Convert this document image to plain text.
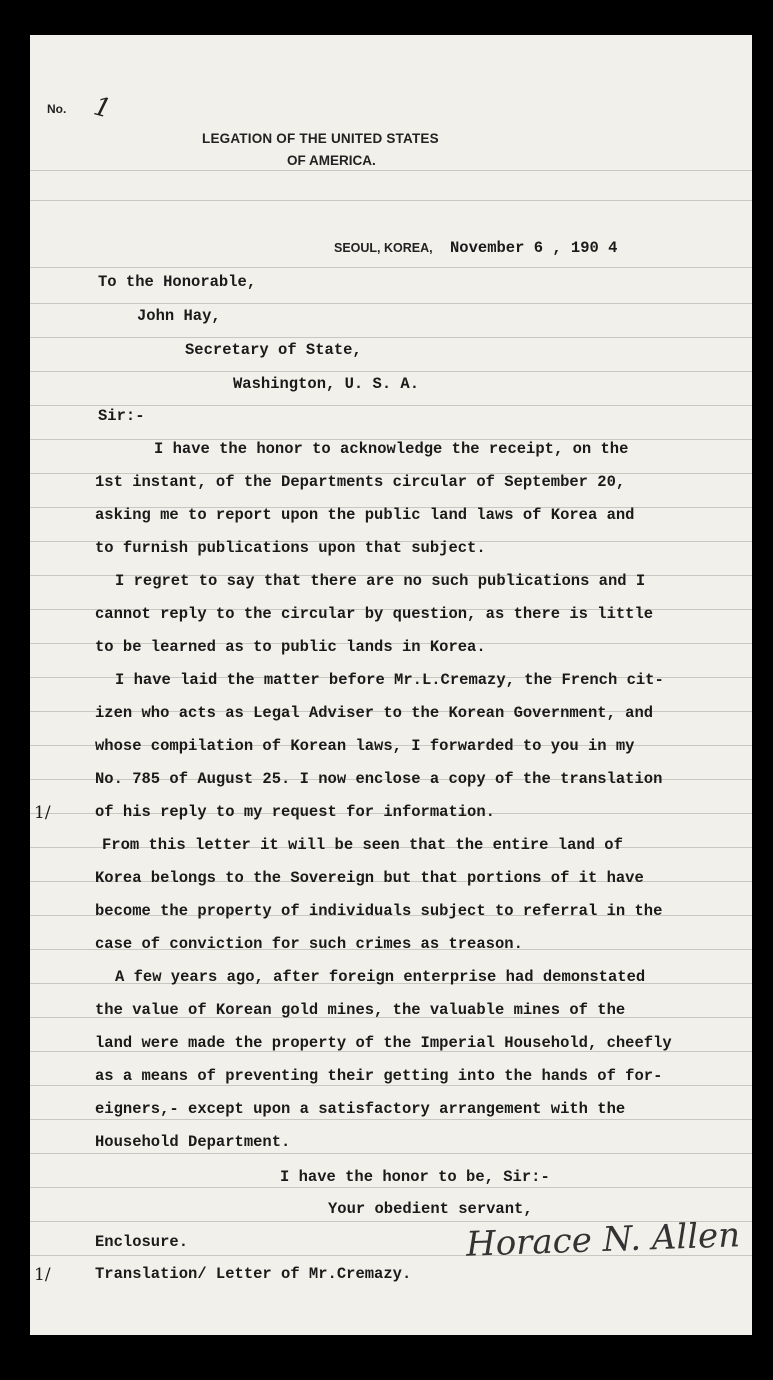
No. 1
LEGATION OF THE UNITED STATES
OF AMERICA.
SEOUL, KOREA, November 6 , 190 4
To the Honorable,
John Hay,
Secretary of State,
Washington, U. S. A.
Sir:-
I have the honor to acknowledge the receipt, on the
1st instant, of the Departments circular of September 20,
asking me to report upon the public land laws of Korea and
to furnish publications upon that subject.
I regret to say that there are no such publications and I
cannot reply to the circular by question, as there is little
to be learned as to public lands in Korea.
I have laid the matter before Mr.L.Cremazy, the French cit-
izen who acts as Legal Adviser to the Korean Government, and
whose compilation of Korean laws, I forwarded to you in my
No. 785 of August 25. I now enclose a copy of the translation
of his reply to my request for information.
From this letter it will be seen that the entire land of
Korea belongs to the Sovereign but that portions of it have
become the property of individuals subject to referral in the
case of conviction for such crimes as treason.
A few years ago, after foreign enterprise had demonstated
the value of Korean gold mines, the valuable mines of the
land were made the property of the Imperial Household, cheefly
as a means of preventing their getting into the hands of for-
eigners,- except upon a satisfactory arrangement with the
Household Department.
I have the honor to be, Sir:-
Your obedient servant,
Enclosure.
Translation/ Letter of Mr.Cremazy.
1/
1/
Horace N. Allen
